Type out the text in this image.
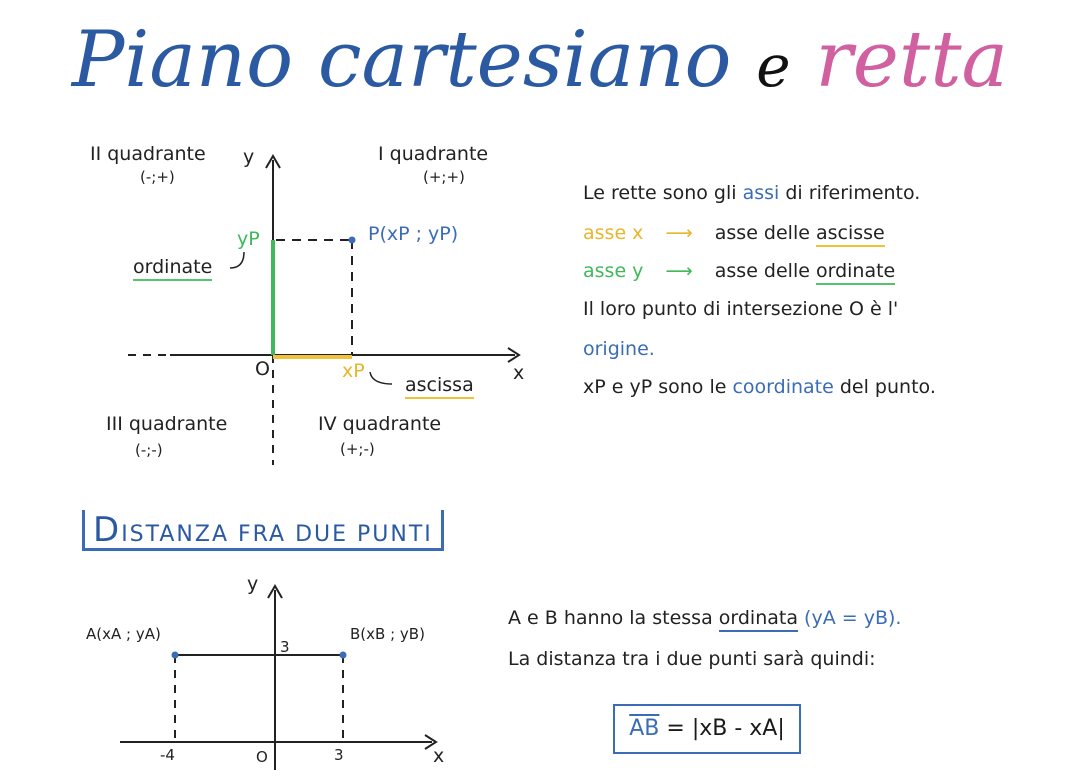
Piano cartesiano e retta
II quadrante
(-;+)
y	I quadrante
(+;+)
yP	P(xP ; yP)
ordinate
O	xP
ascissa
x
III quadrante
(-;-)
IV quadrante
(+;-)
Le rette sono gli assi di riferimento.
asse x ⟶ asse delle ascisse
asse y ⟶ asse delle ordinate
Il loro punto di intersezione O è l'
origine.
xP e yP sono le coordinate del punto.
DISTANZA FRA DUE PUNTI
y
A(xA ; yA)	B(xB ; yB)
3
-4	O	3	x
A e B hanno la stessa ordinata (yA = yB).
La distanza tra i due punti sarà quindi:
$\overline{AB} = |xB - xA|$
